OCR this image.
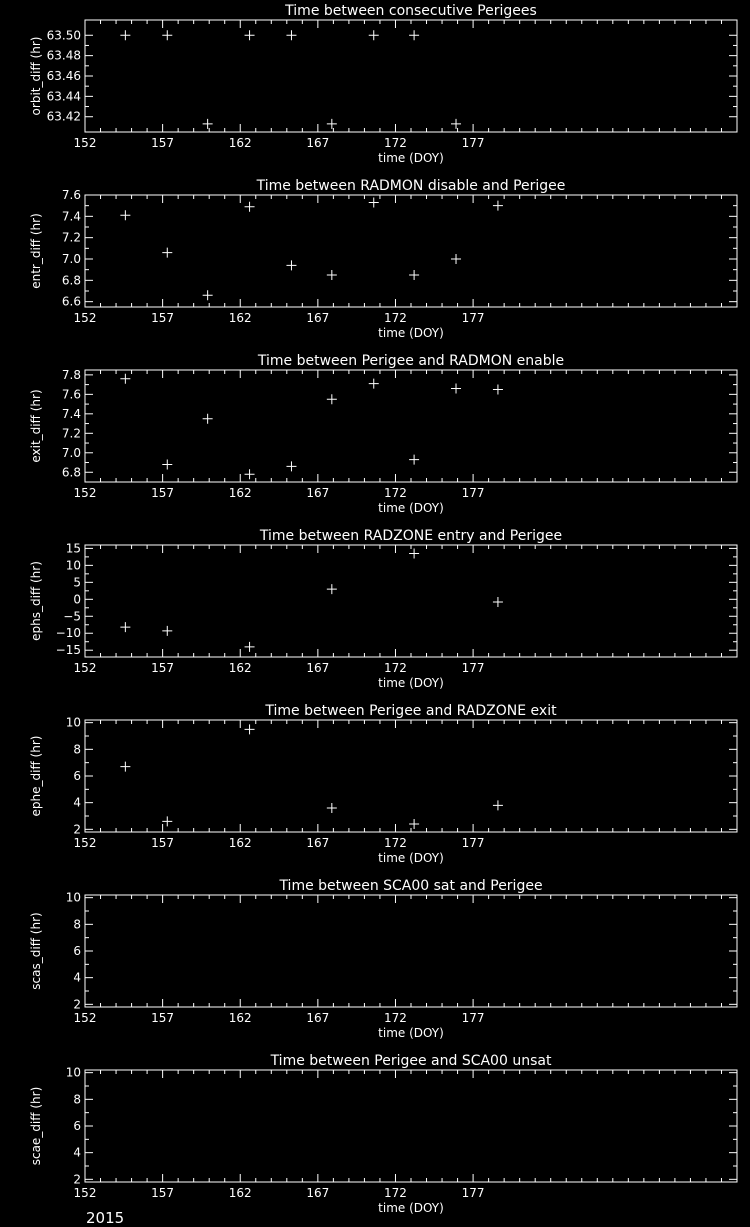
Time between consecutive Perigees
152	157	162	167	172	177
time (DOY)
63.42
63.44
63.46
63.48
63.50
orbit_diff (hr)
Time between RADMON disable and Perigee
152	157	162	167	172	177
time (DOY)
6.6
6.8
7.0
7.2
7.4
7.6
entr_diff (hr)
Time between Perigee and RADMON enable
152	157	162	167	172	177
time (DOY)
6.8
7.0
7.2
7.4
7.6
7.8
exit_diff (hr)
Time between RADZONE entry and Perigee
152	157	162	167	172	177
time (DOY)
−15
−10
−5
0
5
10
15
ephs_diff (hr)
Time between Perigee and RADZONE exit
152	157	162	167	172	177
time (DOY)
2
4
6
8
10
ephe_diff (hr)
Time between SCA00 sat and Perigee
152	157	162	167	172	177
time (DOY)
2
4
6
8
10
scas_diff (hr)
Time between Perigee and SCA00 unsat
152	157	162	167	172	177
time (DOY)
2
4
6
8
10
scae_diff (hr)
2015
